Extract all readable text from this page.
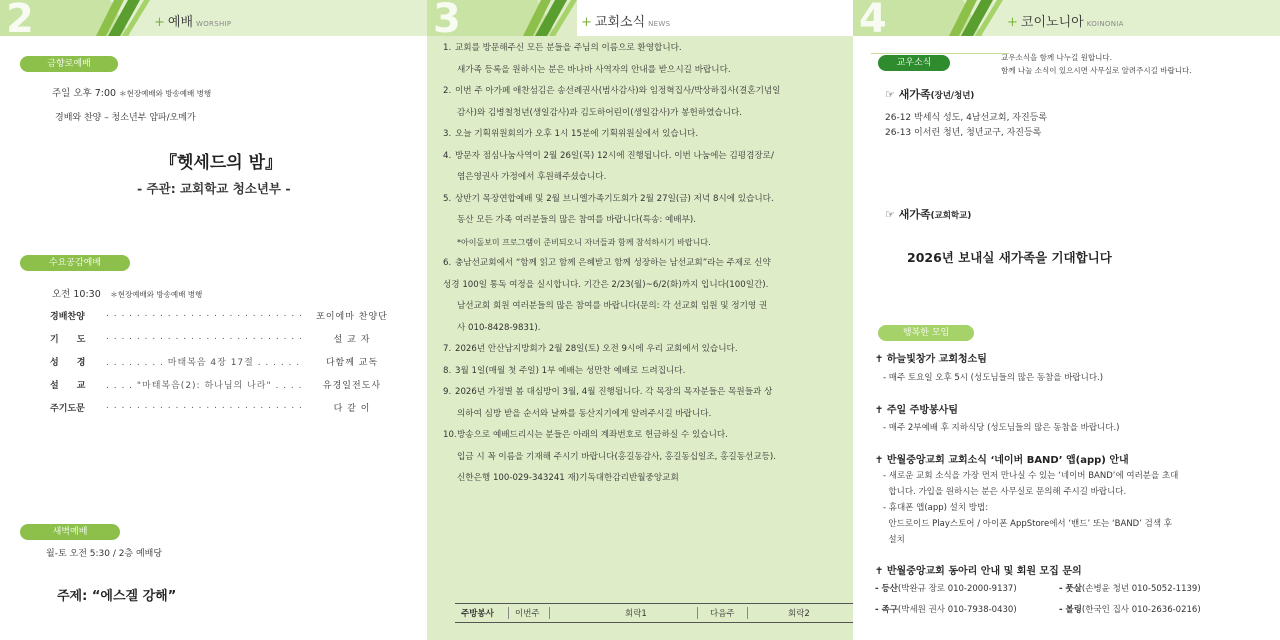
2	+ 예배 WORSHIP
금향로예배
주일 오후 7:00 ＊현장예배와 방송예배 병행
경배와 찬양 – 청소년부 얍파/오메가
『헷세드의 밤』
- 주관: 교회학교 청소년부 -
수요공감예배
오전 10:30　 ＊현장예배와 방송예배 병행
경배찬양	. . . . . . . . . . . . . . . . . . . . . . . . . . 포이에마 찬양단
기　　도	. . . . . . . . . . . . . . . . . . . . . . . . . .	설 교 자
성　　경	. . . . . . . . 마태복음 4장 17절 . . . . . .	다함께 교독
설　　교	. . . . "마태복음(2): 하나님의 나라" . . . .	유경일전도사
주기도문	. . . . . . . . . . . . . . . . . . . . . . . . . .	다 같 이
새벽예배
월-토 오전 5:30 / 2층 예배당
주제: “에스겔 강해”
3	+ 교회소식 NEWS
1. 교회를 방문해주신 모든 분들을 주님의 이름으로 환영합니다.
새가족 등록을 원하시는 분은 바나바 사역자의 안내를 받으시길 바랍니다.
2. 이번 주 아가페 애찬섬김은 송선례권사(범사감사)와 임정혁집사/박상하집사(결혼기념일
감사)와 김병철청년(생일감사)과 김도하어린이(생일감사)가 봉헌하였습니다.
3. 오늘 기획위원회의가 오후 1시 15분에 기획위원실에서 있습니다.
4. 방문자 점심나눔사역이 2월 26일(목) 12시에 진행됩니다. 이번 나눔에는 김평겸장로/
염은영권사 가정에서 후원해주셨습니다.
5. 상반기 목장연합예배 및 2월 브니엘가족기도회가 2월 27일(금) 저녁 8시에 있습니다.
동산 모든 가족 여러분들의 많은 참여를 바랍니다(특송: 예배부).
*아이돌보미 프로그램이 준비되오니 자녀들과 함께 참석하시기 바랍니다.
6. 충남선교회에서 “함께 읽고 함께 은혜받고 함께 성장하는 남선교회”라는 주제로 신약
성경 100일 통독 여정을 실시합니다. 기간은 2/23(월)~6/2(화)까지 입니다(100일간).
남선교회 회원 여러분들의 많은 참여를 바랍니다(문의: 각 선교회 임원 및 정기영 권
사 010-8428-9831).
7. 2026년 안산남지방회가 2월 28일(토) 오전 9시에 우리 교회에서 있습니다.
8. 3월 1일(매월 첫 주일) 1부 예배는 성만찬 예배로 드려집니다.
9. 2026년 가정별 봄 대심방이 3월, 4월 진행됩니다. 각 목장의 목자분들은 목원들과 상
의하여 심방 받을 순서와 날짜를 동산지기에게 알려주시길 바랍니다.
10.방송으로 예배드리시는 분들은 아래의 계좌번호로 헌금하실 수 있습니다.
입금 시 꼭 이름을 기재해 주시기 바랍니다(홍길동감사, 홍길동십일조, 홍길동선교등).
신한은행 100-029-343241 재)기독대한감리반월중앙교회
주방봉사 이번주	회락1	다음주	회락2
4	+ 코이노니아 KOINONIA
교우소식
교우소식을 함께 나누길 원합니다.
함께 나눌 소식이 있으시면 사무실로 알려주시길 바랍니다.
☞ 새가족(장년/청년)
26-12 박세식 성도, 4남선교회, 자진등록
26-13 이서린 청년, 청년교구, 자진등록
☞ 새가족(교회학교)
2026년 보내실 새가족을 기대합니다
행복한 모임
✝ 하늘빛창가 교회청소팀
- 매주 토요일 오후 5시 (성도님들의 많은 동참을 바랍니다.)
✝ 주일 주방봉사팀
- 매주 2부예배 후 지하식당 (성도님들의 많은 동참을 바랍니다.)
✝ 반월중앙교회 교회소식 ‘네이버 BAND’ 앱(app) 안내
- 새로운 교회 소식을 가장 먼저 만나실 수 있는 ‘네이버 BAND’에 여러분을 초대
합니다. 가입을 원하시는 분은 사무실로 문의해 주시길 바랍니다.
- 휴대폰 앱(app) 설치 방법:
안드로이드 Play스토어 / 아이폰 AppStore에서 ‘밴드’ 또는 ‘BAND’ 검색 후
설치
✝ 반월중앙교회 동아리 안내 및 회원 모집 문의
- 등산(박완규 장로 010-2000-9137)	- 풋살(손병윤 청년 010-5052-1139)
- 족구(박세원 권사 010-7938-0430)	- 볼링(한국인 집사 010-2636-0216)
